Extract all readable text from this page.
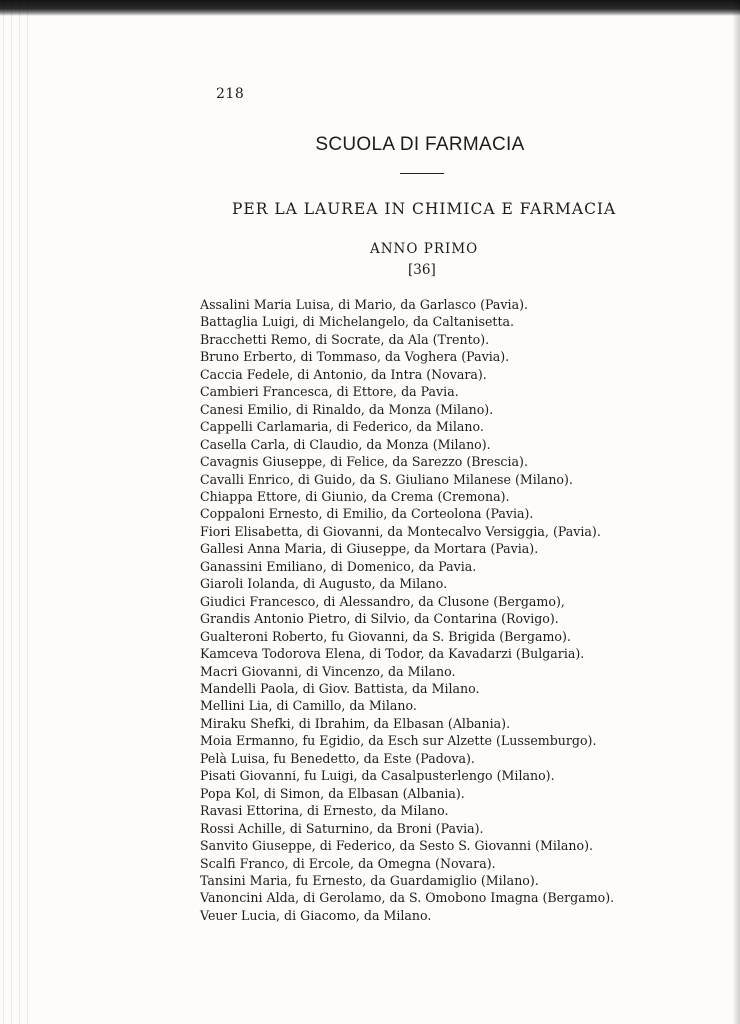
218
SCUOLA DI FARMACIA
PER LA LAUREA IN CHIMICA E FARMACIA
ANNO PRIMO
[36]
Assalini Maria Luisa, di Mario, da Garlasco (Pavia).
Battaglia Luigi, di Michelangelo, da Caltanisetta.
Bracchetti Remo, di Socrate, da Ala (Trento).
Bruno Erberto, di Tommaso, da Voghera (Pavia).
Caccia Fedele, di Antonio, da Intra (Novara).
Cambieri Francesca, di Ettore, da Pavia.
Canesi Emilio, di Rinaldo, da Monza (Milano).
Cappelli Carlamaria, di Federico, da Milano.
Casella Carla, di Claudio, da Monza (Milano).
Cavagnis Giuseppe, di Felice, da Sarezzo (Brescia).
Cavalli Enrico, di Guido, da S. Giuliano Milanese (Milano).
Chiappa Ettore, di Giunio, da Crema (Cremona).
Coppaloni Ernesto, di Emilio, da Corteolona (Pavia).
Fiori Elisabetta, di Giovanni, da Montecalvo Versiggia, (Pavia).
Gallesi Anna Maria, di Giuseppe, da Mortara (Pavia).
Ganassini Emiliano, di Domenico, da Pavia.
Giaroli Iolanda, di Augusto, da Milano.
Giudici Francesco, di Alessandro, da Clusone (Bergamo),
Grandis Antonio Pietro, di Silvio, da Contarina (Rovigo).
Gualteroni Roberto, fu Giovanni, da S. Brigida (Bergamo).
Kamceva Todorova Elena, di Todor, da Kavadarzi (Bulgaria).
Macri Giovanni, di Vincenzo, da Milano.
Mandelli Paola, di Giov. Battista, da Milano.
Mellini Lia, di Camillo, da Milano.
Miraku Shefki, di Ibrahim, da Elbasan (Albania).
Moia Ermanno, fu Egidio, da Esch sur Alzette (Lussemburgo).
Pelà Luisa, fu Benedetto, da Este (Padova).
Pisati Giovanni, fu Luigi, da Casalpusterlengo (Milano).
Popa Kol, di Simon, da Elbasan (Albania).
Ravasi Ettorina, di Ernesto, da Milano.
Rossi Achille, di Saturnino, da Broni (Pavia).
Sanvito Giuseppe, di Federico, da Sesto S. Giovanni (Milano).
Scalfi Franco, di Ercole, da Omegna (Novara).
Tansini Maria, fu Ernesto, da Guardamiglio (Milano).
Vanoncini Alda, di Gerolamo, da S. Omobono Imagna (Bergamo).
Veuer Lucia, di Giacomo, da Milano.
